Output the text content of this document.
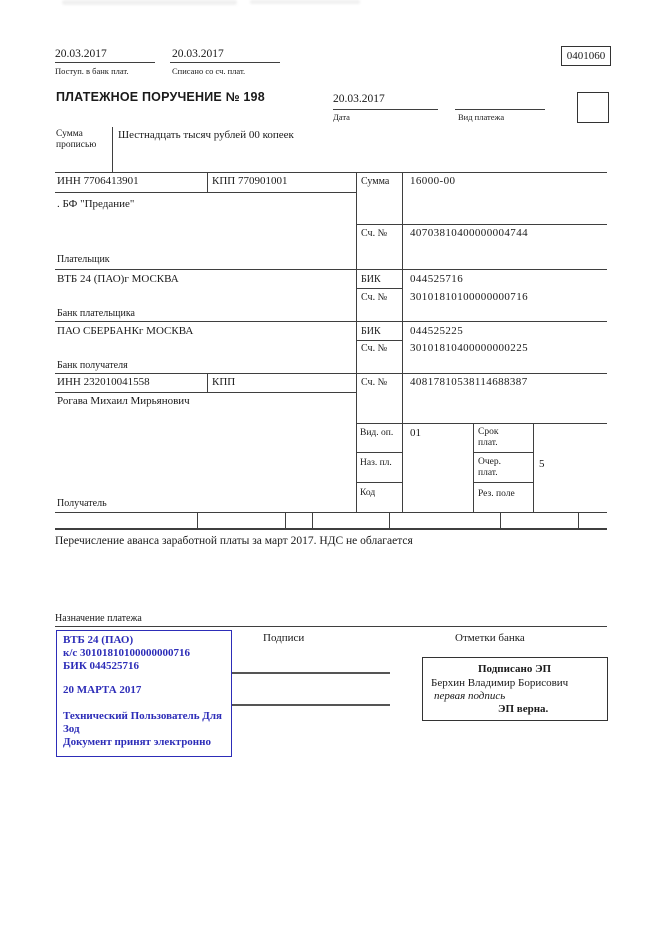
20.03.2017
Поступ. в банк плат.
20.03.2017
Списано со сч. плат.
0401060
ПЛАТЕЖНОЕ ПОРУЧЕНИЕ № 198	20.03.2017
Дата	Вид платежа
Сумма прописью
Шестнадцать тысяч рублей 00 копеек
ИНН 7706413901	КПП 770901001	Сумма 16000-00
. БФ "Предание"
Сч. № 40703810400000004744
Плательщик
ВТБ 24 (ПАО)г МОСКВА	БИК	044525716
Сч. № 30101810100000000716
Банк плательщика
ПАО СБЕРБАНКг МОСКВА	БИК	044525225
Сч. № 30101810400000000225
Банк получателя
ИНН 232010041558	КПП	Сч. № 40817810538114688387
Рогава Михаил Мирьянович
Получатель
Вид. оп. 01	Срок плат.
Наз. пл.	Очер. плат.
5
Код	Рез. поле
Перечисление аванса заработной платы за март 2017. НДС не облагается
Назначение платежа
ВТБ 24 (ПАО)
к/с 30101810100000000716
БИК 044525716
20 МАРТА 2017
Технический Пользователь Для Зод
Документ принят электронно
Подписи	Отметки банка
Подписано ЭП
Берхин Владимир Борисович
первая подпись
ЭП верна.
